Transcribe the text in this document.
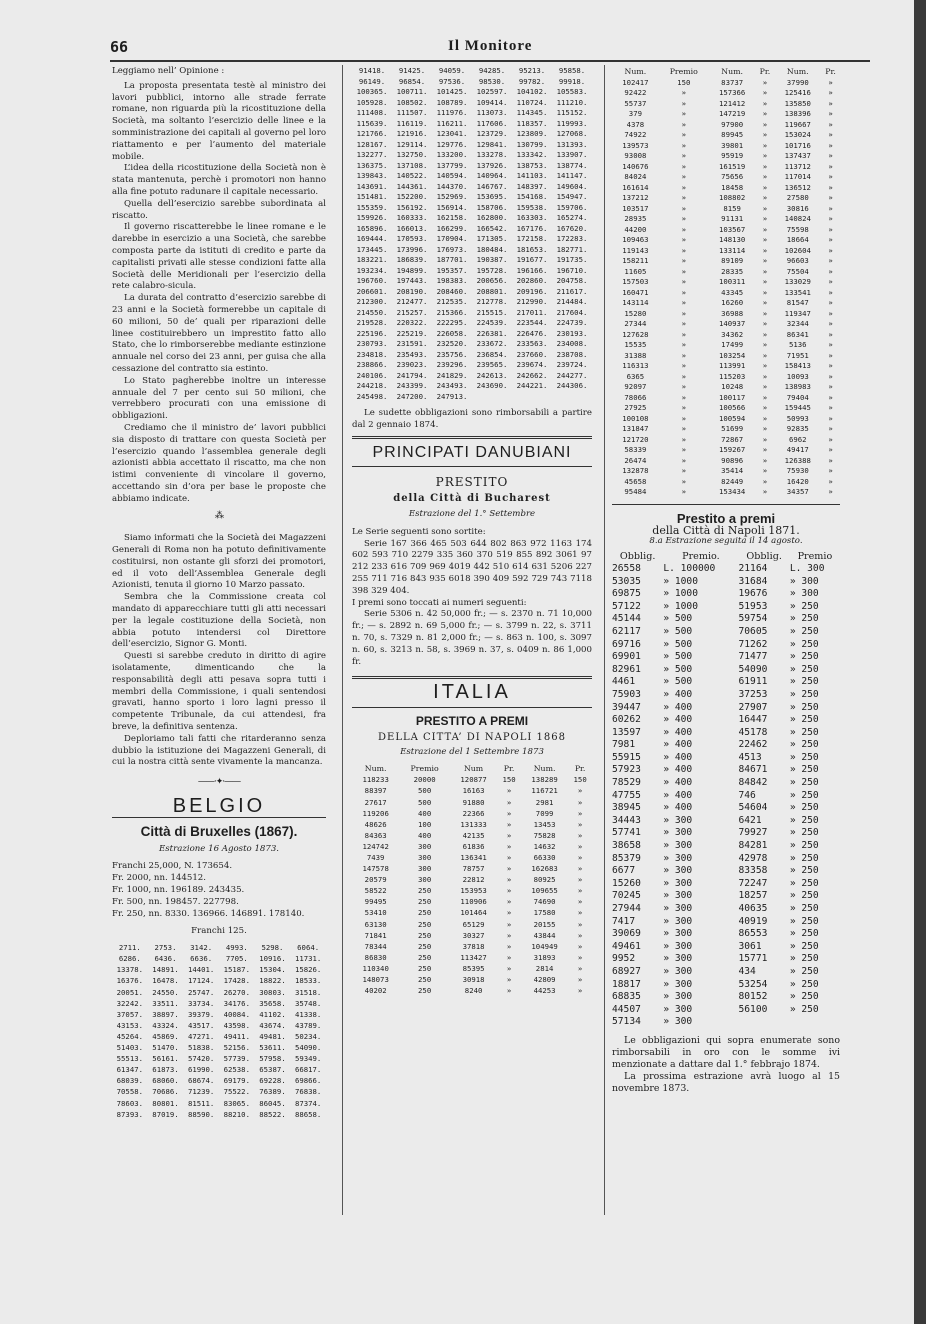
66	Il Monitore

Leggiamo nell’ Opinione :

La proposta presentata testè al ministro dei lavori pubblici, intorno alle strade ferrate romane, non riguarda più la ricostituzione della Società, ma soltanto l’esercizio delle linee e la somministrazione dei capitali al governo pel loro riattamento e per l’aumento del materiale mobile.

L’idea della ricostituzione della Società non è stata mantenuta, perchè i promotori non hanno alla fine potuto radunare il capitale necessario.

Quella dell’esercizio sarebbe subordinata al riscatto.

Il governo riscatterebbe le linee romane e le darebbe in esercizio a una Società, che sarebbe composta parte da istituti di credito e parte da capitalisti privati alle stesse condizioni fatte alla Società delle Meridionali per l’esercizio della rete calabro-sicula.

La durata del contratto d’esercizio sarebbe di 23 anni e la Società formerebbe un capitale di 60 milioni, 50 de’ quali per riparazioni delle linee costituirebbero un imprestito fatto allo Stato, che lo rimborserebbe mediante estinzione annuale nel corso dei 23 anni, per guisa che alla cessazione del contratto sia estinto.

Lo Stato pagherebbe inoltre un interesse annuale del 7 per cento sui 50 milioni, che verrebbero procurati con una emissione di obbligazioni.

Crediamo che il ministro de’ lavori pubblici sia disposto di trattare con questa Società per l’esercizio quando l’assemblea generale degli azionisti abbia accettato il riscatto, ma che non istimi conveniente di vincolare il governo, accettando sin d’ora per base le proposte che abbiamo indicate.

⁂

Siamo informati che la Società dei Magazzeni Generali di Roma non ha potuto definitivamente costituirsi, non ostante gli sforzi dei promotori, ed il voto dell’Assemblea Generale degli Azionisti, tenuta il giorno 10 Marzo passato.

Sembra che la Commissione creata col mandato di apparecchiare tutti gli atti necessari per la legale costituzione della Società, non abbia potuto intendersi col Direttore dell’esercizio, Signor G. Monti.

Questi si sarebbe creduto in diritto di agire isolatamente, dimenticando che la responsabilità degli atti pesava sopra tutti i membri della Commissione, i quali sentendosi gravati, hanno sporto i loro lagni presso il competente Tribunale, da cui attendesi, fra breve, la definitiva sentenza.

Deploriamo tali fatti che ritarderanno senza dubbio la istituzione dei Magazzeni Generali, di cui la nostra città sente vivamente la mancanza.

——·✦·——
BELGIO
Città di Bruxelles (1867).
Estrazione 16 Agosto 1873.
Franchi 25,000, N. 173654.
Fr. 2000, nn. 144512.
Fr. 1000, nn. 196189. 243435.
Fr. 500, nn. 198457. 227798.
Fr. 250, nn. 8330. 136966. 146891. 178140.
Franchi 125.
2711.	2753.	3142.	4993.	5298.	6064.
6286.	6436.	6636.	7705.	10916.	11731.
13378.	14891.	14401.	15187.	15304.	15826.
16376.	16478.	17124.	17428.	18822.	18533.
20051.	24550.	25747.	26270.	30803.	31518.
32242.	33511.	33734.	34176.	35658.	35748.
37057.	38897.	39379.	40084.	41102.	41338.
43153.	43324.	43517.	43598.	43674.	43789.
45264.	45869.	47271.	49411.	49481.	50234.
51403.	51470.	51838.	52156.	53611.	54090.
55513.	56161.	57420.	57739.	57958.	59349.
61347.	61873.	61990.	62538.	65387.	66817.
68039.	68060.	68674.	69179.	69228.	69866.
70558.	70686.	71239.	75522.	76389.	76838.
78603.	80801.	81511.	83065.	86045.	87374.
87393.	87019.	88590.	88210.	88522.	88658.
91418.	91425.	94059.	94285.	95213.	95858.
96149.	96854.	97536.	98530.	99782.	99918.
100365.	100711.	101425.	102597.	104102.	105583.
105928.	108502.	108789.	109414.	110724.	111210.
111408.	111507.	111976.	113073.	114345.	115152.
115639.	116119.	116211.	117606.	118357.	119993.
121766.	121916.	123041.	123729.	123809.	127068.
128167.	129114.	129776.	129841.	130799.	131393.
132277.	132750.	133200.	133278.	133342.	133907.
136375.	137108.	137799.	137926.	138753.	138774.
139843.	140522.	140594.	140964.	141103.	141147.
143691.	144361.	144370.	146767.	148397.	149604.
151481.	152200.	152969.	153695.	154168.	154947.
155359.	156192.	156914.	158706.	159538.	159706.
159926.	160333.	162158.	162800.	163303.	165274.
165896.	166013.	166299.	166542.	167176.	167620.
169444.	170593.	170904.	171305.	172158.	172283.
173445.	173996.	176973.	180484.	181653.	182771.
183221.	186839.	187701.	190387.	191677.	191735.
193234.	194899.	195357.	195728.	196166.	196710.
196760.	197443.	198383.	200656.	202860.	204758.
206601.	208190.	208460.	208801.	209196.	211617.
212300.	212477.	212535.	212778.	212990.	214484.
214550.	215257.	215366.	215515.	217011.	217604.
219528.	220322.	222295.	224539.	223544.	224739.
225196.	225219.	226058.	226381.	226476.	230193.
230793.	231591.	232520.	233672.	233563.	234008.
234818.	235493.	235756.	236854.	237660.	238708.
238866.	239023.	239296.	239565.	239674.	239724.
240106.	241794.	241829.	242613.	242662.	244277.
244218.	243399.	243493.	243690.	244221.	244306.
245498.	247200.	247913.			

Le sudette obbligazioni sono rimborsabili a partire dal 2 gennaio 1874.

PRINCIPATI DANUBIANI
PRESTITO
della Città di Bucharest
Estrazione del 1.° Settembre

Le Serie seguenti sono sortite:

Serie 167 366 465 503 644 802 863 972 1163 174 602 593 710 2279 335 360 370 519 855 892 3061 97 212 233 616 709 969 4019 442 510 614 631 5206 227 255 711 716 843 935 6018 390 409 592 729 743 7118 398 329 404.

I premi sono toccati ai numeri seguenti:

Serie 5306 n. 42 50,000 fr.; — s. 2370 n. 71 10,000 fr.; — s. 2892 n. 69 5,000 fr.; — s. 3799 n. 22, s. 3711 n. 70, s. 7329 n. 81 2,000 fr.; — s. 863 n. 100, s. 3097 n. 60, s. 3213 n. 58, s. 3969 n. 37, s. 0409 n. 86 1,000 fr.

ITALIA
PRESTITO A PREMI
DELLA CITTA’ DI NAPOLI 1868
Estrazione del 1 Settembre 1873
Num.	Premio	Num	Pr.	Num.	Pr.
118233	20000	120877	150	138289	150
88397	500	16163	»	116721	»
27617	500	91880	»	2981	»
119206	400	22366	»	7099	»
48626	100	131333	»	13453	»
84363	400	42135	»	75828	»
124742	300	61836	»	14632	»
7439	300	136341	»	66330	»
147578	300	78757	»	162683	»
20579	300	22812	»	80925	»
58522	250	153953	»	109655	»
99495	250	110906	»	74690	»
53410	250	101464	»	17580	»
63130	250	65129	»	20155	»
71841	250	30327	»	43844	»
78344	250	37818	»	104949	»
86830	250	113427	»	31893	»
110340	250	85395	»	2814	»
148073	250	30918	»	42809	»
40202	250	8240	»	44253	»
Num.	Premio	Num.	Pr.	Num.	Pr.
102417	150	83737	»	37990	»
92422	»	157366	»	125416	»
55737	»	121412	»	135850	»
379	»	147219	»	138396	»
4378	»	97900	»	119667	»
74922	»	89945	»	153024	»
139573	»	39801	»	101716	»
93008	»	95919	»	137437	»
140676	»	161519	»	113712	»
84024	»	75656	»	117014	»
161614	»	18458	»	136512	»
137212	»	108802	»	27580	»
103517	»	8159	»	30816	»
28935	»	91131	»	140824	»
44200	»	103567	»	75598	»
109463	»	148130	»	18664	»
119143	»	133114	»	102604	»
158211	»	89109	»	96603	»
11605	»	28335	»	75504	»
157503	»	100311	»	133029	»
160471	»	43345	»	133541	»
143114	»	16260	»	81547	»
15280	»	36988	»	119347	»
27344	»	140937	»	32344	»
127628	»	34362	»	86341	»
15535	»	17499	»	5136	»
31388	»	103254	»	71951	»
116313	»	113991	»	158413	»
6365	»	115203	»	10093	»
92097	»	10248	»	138983	»
78066	»	100117	»	79404	»
27925	»	100566	»	159445	»
100108	»	100594	»	50993	»
131847	»	51699	»	92835	»
121720	»	72867	»	6962	»
58339	»	159267	»	49417	»
26474	»	90896	»	126388	»
132878	»	35414	»	75930	»
45658	»	82449	»	16420	»
95484	»	153434	»	34357	»
Prestito a premi
della Città di Napoli 1871.
8.a Estrazione seguita il 14 agosto.
Obblig.	Premio.	Obblig.	Premio
26558	L. 100000	21164	L. 300
53035	» 1000	31684	» 300
69875	» 1000	19676	» 300
57122	» 1000	51953	» 250
45144	» 500	59754	» 250
62117	» 500	70605	» 250
69716	» 500	71262	» 250
69901	» 500	71477	» 250
82961	» 500	54090	» 250
4461	» 500	61911	» 250
75903	» 400	37253	» 250
39447	» 400	27907	» 250
60262	» 400	16447	» 250
13597	» 400	45178	» 250
7981	» 400	22462	» 250
55915	» 400	4513	» 250
57923	» 400	84671	» 250
78529	» 400	84842	» 250
47755	» 400	746	» 250
38945	» 400	54604	» 250
34443	» 300	6421	» 250
57741	» 300	79927	» 250
38658	» 300	84281	» 250
85379	» 300	42978	» 250
6677	» 300	83358	» 250
15260	» 300	72247	» 250
70245	» 300	18257	» 250
27944	» 300	40635	» 250
7417	» 300	40919	» 250
39069	» 300	86553	» 250
49461	» 300	3061	» 250
9952	» 300	15771	» 250
68927	» 300	434	» 250
18817	» 300	53254	» 250
68835	» 300	80152	» 250
44507	» 300	56100	» 250
57134	» 300		

Le obbligazioni qui sopra enumerate sono rimborsabili in oro con le somme ivi menzionate a dattare dal 1.° febbrajo 1874.

La prossima estrazione avrà luogo al 15 novembre 1873.
